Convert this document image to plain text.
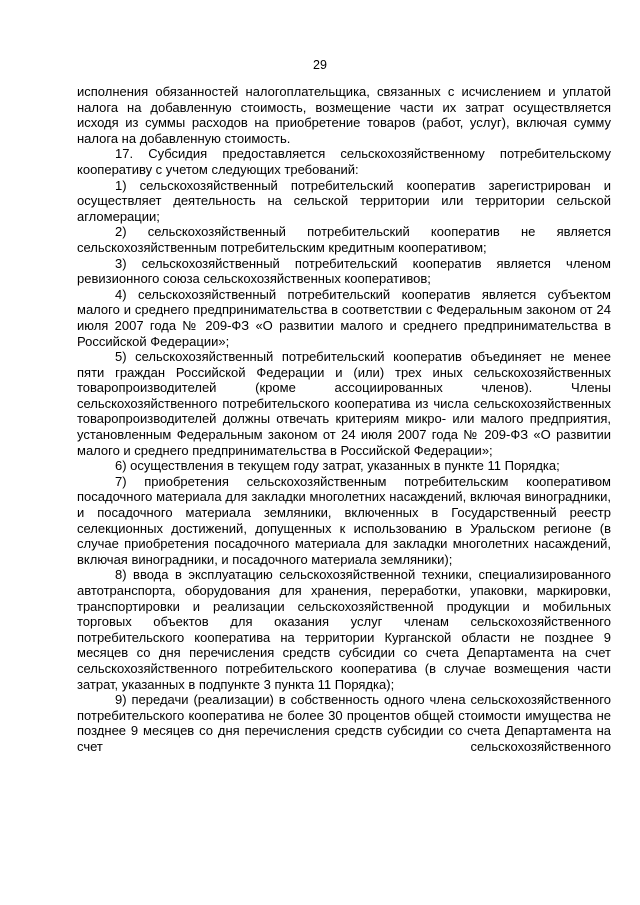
29

исполнения обязанностей налогоплательщика, связанных с исчислением и уплатой налога на добавленную стоимость, возмещение части их затрат осуществляется исходя из суммы расходов на приобретение товаров (работ, услуг), включая сумму налога на добавленную стоимость.

17. Субсидия предоставляется сельскохозяйственному потребительскому кооперативу с учетом следующих требований:

1) сельскохозяйственный потребительский кооператив зарегистрирован и осуществляет деятельность на сельской территории или территории сельской агломерации;

2) сельскохозяйственный потребительский кооператив не является сельскохозяйственным потребительским кредитным кооперативом;

3) сельскохозяйственный потребительский кооператив является членом ревизионного союза сельскохозяйственных кооперативов;

4) сельскохозяйственный потребительский кооператив является субъектом малого и среднего предпринимательства в соответствии с Федеральным законом от 24 июля 2007 года № 209-ФЗ «О развитии малого и среднего предпринимательства в Российской Федерации»;

5) сельскохозяйственный потребительский кооператив объединяет не менее пяти граждан Российской Федерации и (или) трех иных сельскохозяйственных товаропроизводителей (кроме ассоциированных членов). Члены сельскохозяйственного потребительского кооператива из числа сельскохозяйственных товаропроизводителей должны отвечать критериям микро- или малого предприятия, установленным Федеральным законом от 24 июля 2007 года № 209-ФЗ «О развитии малого и среднего предпринимательства в Российской Федерации»;

6) осуществления в текущем году затрат, указанных в пункте 11 Порядка;

7) приобретения сельскохозяйственным потребительским кооперативом посадочного материала для закладки многолетних насаждений, включая виноградники, и посадочного материала земляники, включенных в Государственный реестр селекционных достижений, допущенных к использованию в Уральском регионе (в случае приобретения посадочного материала для закладки многолетних насаждений, включая виноградники, и посадочного материала земляники);

8) ввода в эксплуатацию сельскохозяйственной техники, специализированного автотранспорта, оборудования для хранения, переработки, упаковки, маркировки, транспортировки и реализации сельскохозяйственной продукции и мобильных торговых объектов для оказания услуг членам сельскохозяйственного потребительского кооператива на территории Курганской области не позднее 9 месяцев со дня перечисления средств субсидии со счета Департамента на счет сельскохозяйственного потребительского кооператива (в случае возмещения части затрат, указанных в подпункте 3 пункта 11 Порядка);

9) передачи (реализации) в собственность одного члена сельскохозяйственного потребительского кооператива не более 30 процентов общей стоимости имущества не позднее 9 месяцев со дня перечисления средств субсидии со счета Департамента на счет сельскохозяйственного
